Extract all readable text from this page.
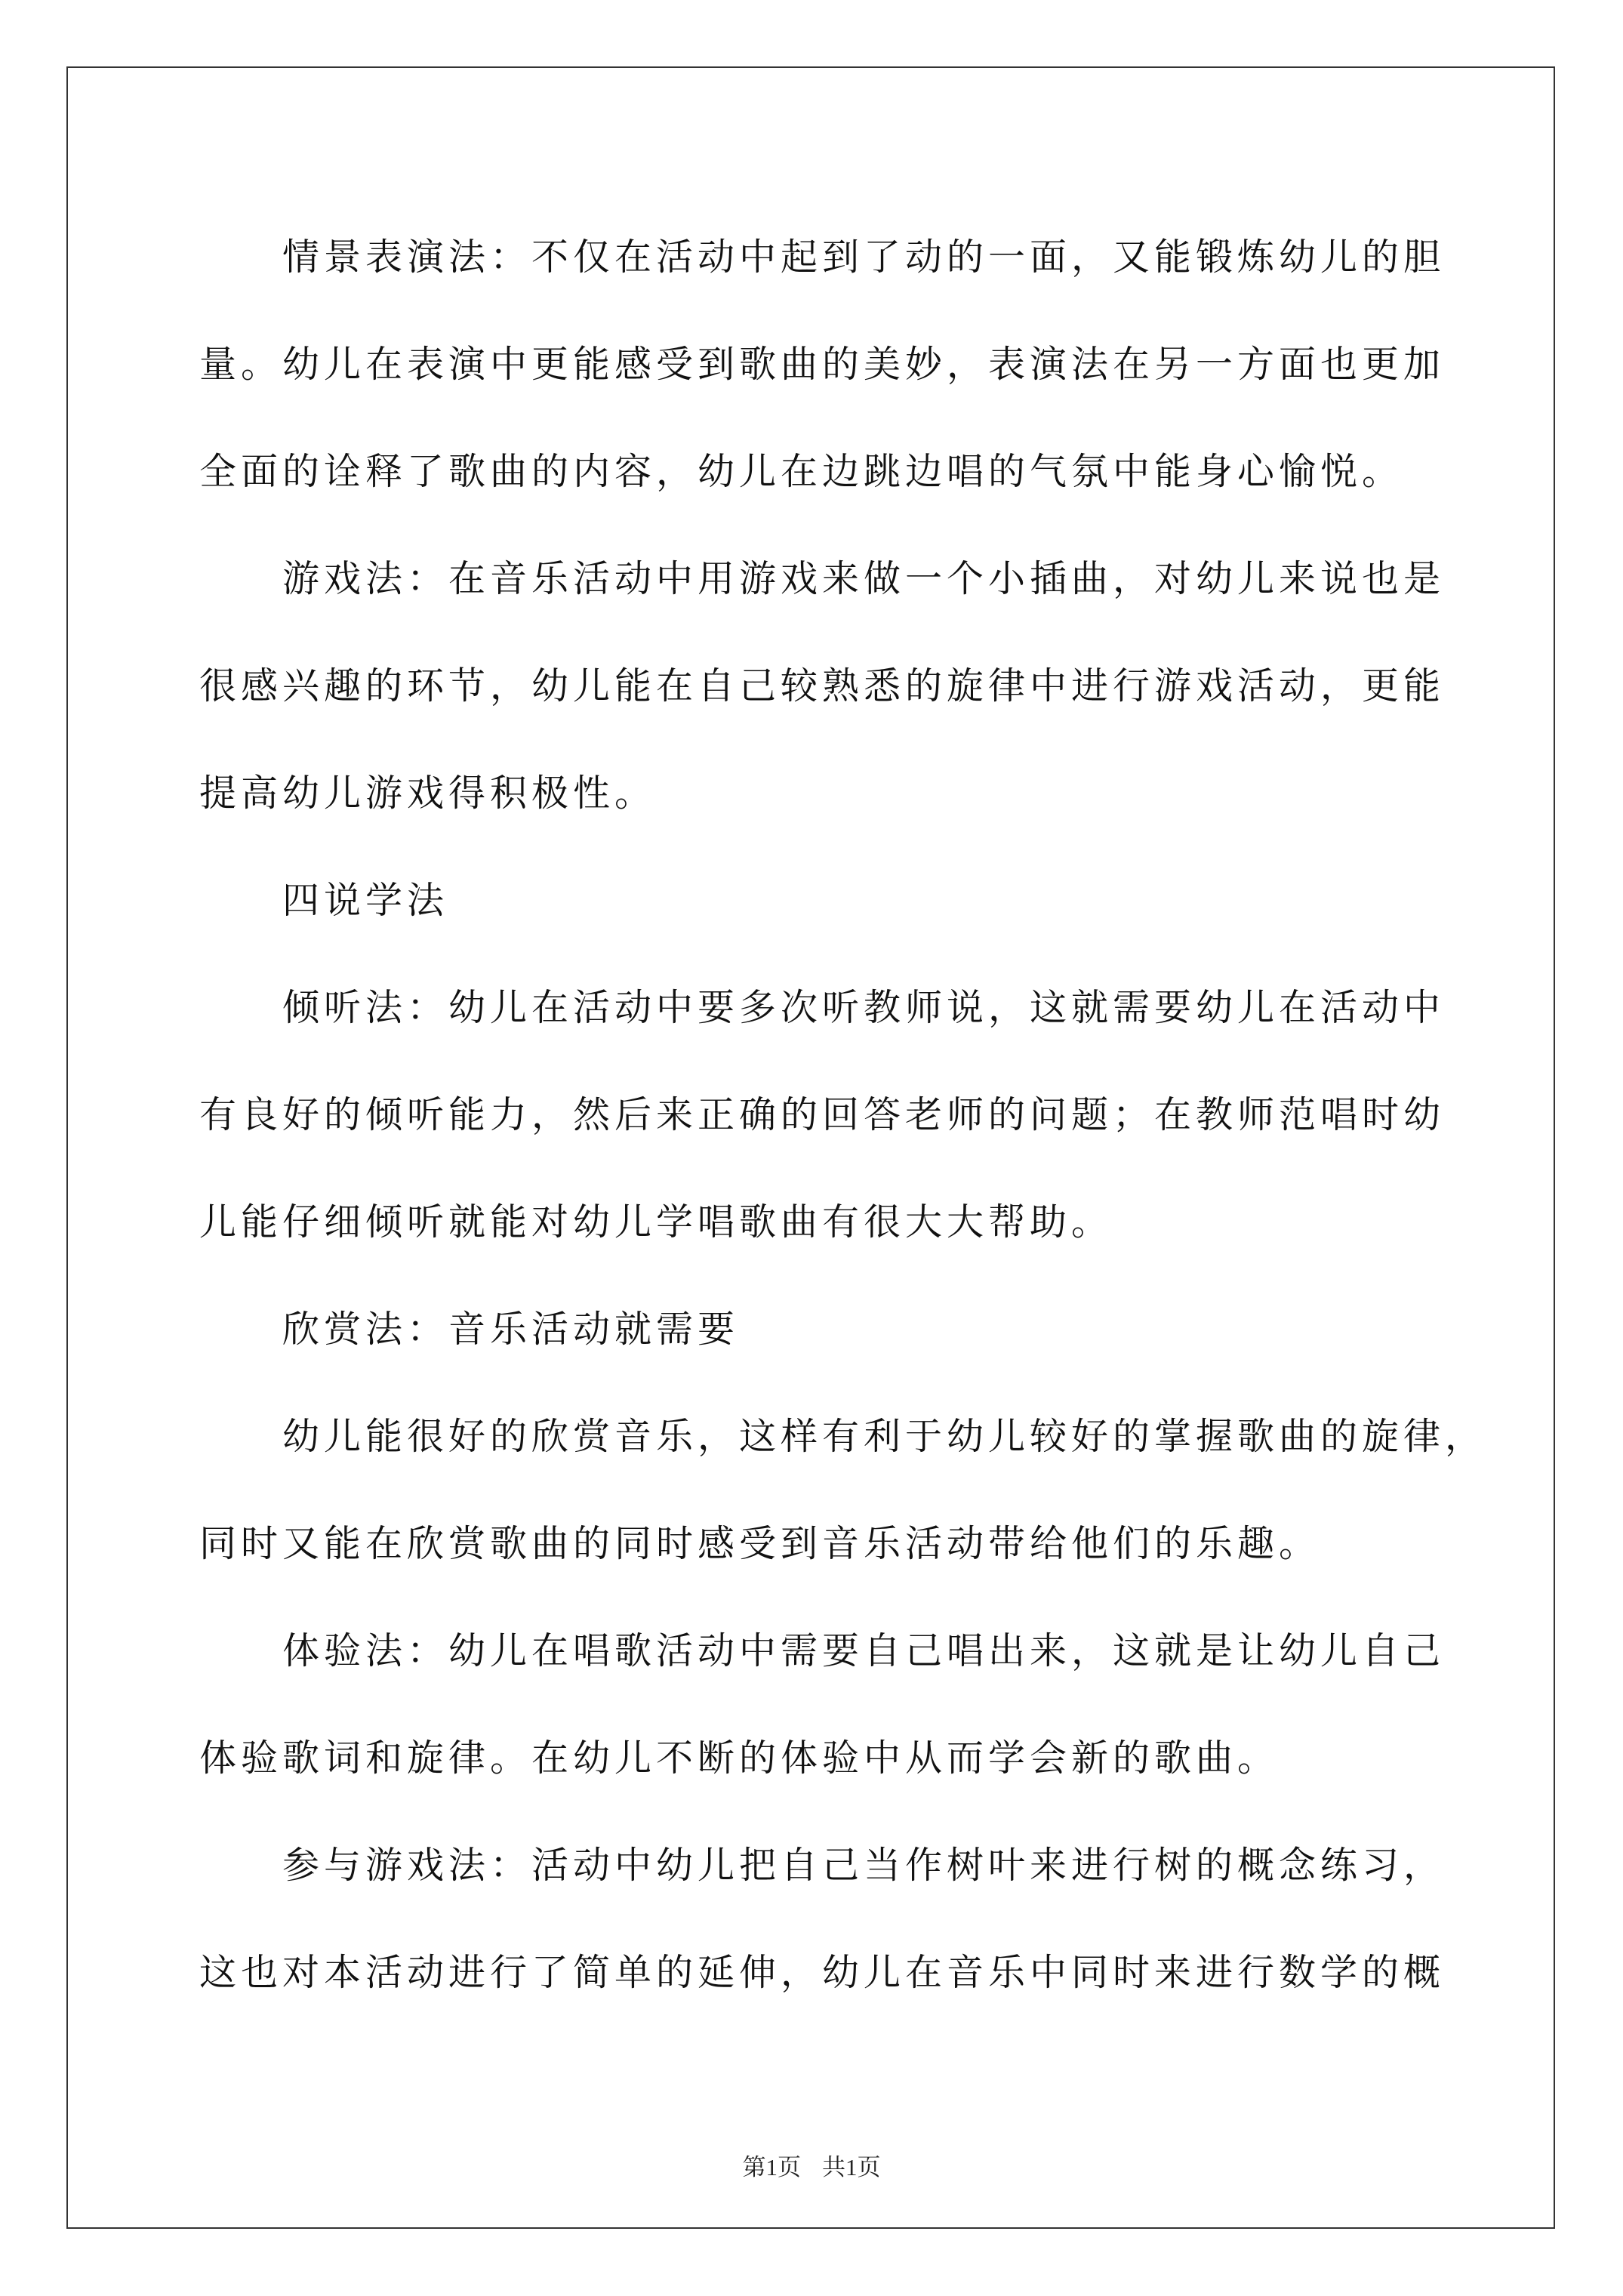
情景表演法：不仅在活动中起到了动的一面，又能锻炼幼儿的胆
量。幼儿在表演中更能感受到歌曲的美妙，表演法在另一方面也更加
全面的诠释了歌曲的内容，幼儿在边跳边唱的气氛中能身心愉悦。

游戏法：在音乐活动中用游戏来做一个小插曲，对幼儿来说也是
很感兴趣的环节，幼儿能在自己较熟悉的旋律中进行游戏活动，更能
提高幼儿游戏得积极性。

四说学法

倾听法：幼儿在活动中要多次听教师说，这就需要幼儿在活动中
有良好的倾听能力，然后来正确的回答老师的问题；在教师范唱时幼
儿能仔细倾听就能对幼儿学唱歌曲有很大大帮助。

欣赏法：音乐活动就需要

幼儿能很好的欣赏音乐，这样有利于幼儿较好的掌握歌曲的旋律，
同时又能在欣赏歌曲的同时感受到音乐活动带给他们的乐趣。

体验法：幼儿在唱歌活动中需要自己唱出来，这就是让幼儿自己
体验歌词和旋律。在幼儿不断的体验中从而学会新的歌曲。

参与游戏法：活动中幼儿把自己当作树叶来进行树的概念练习，
这也对本活动进行了简单的延伸，幼儿在音乐中同时来进行数学的概

第1页 共1页
